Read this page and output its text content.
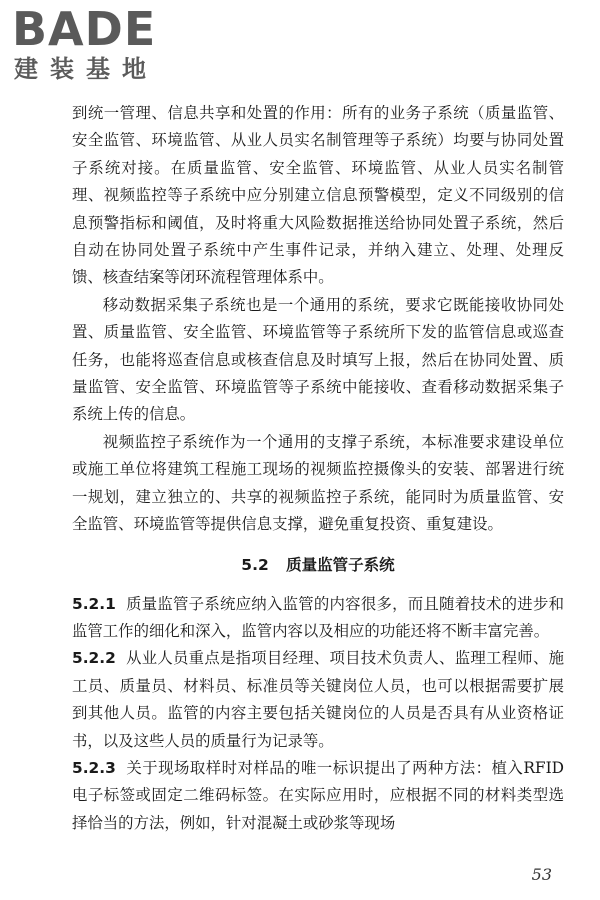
BADE
建装基地

到统一管理、信息共享和处置的作用：所有的业务子系统（质量监管、安全监管、环境监管、从业人员实名制管理等子系统）均要与协同处置子系统对接。在质量监管、安全监管、环境监管、从业人员实名制管理、视频监控等子系统中应分别建立信息预警模型，定义不同级别的信息预警指标和阈值，及时将重大风险数据推送给协同处置子系统，然后自动在协同处置子系统中产生事件记录，并纳入建立、处理、处理反馈、核查结案等闭环流程管理体系中。

移动数据采集子系统也是一个通用的系统，要求它既能接收协同处置、质量监管、安全监管、环境监管等子系统所下发的监管信息或巡查任务，也能将巡查信息或核查信息及时填写上报，然后在协同处置、质量监管、安全监管、环境监管等子系统中能接收、查看移动数据采集子系统上传的信息。

视频监控子系统作为一个通用的支撑子系统，本标准要求建设单位或施工单位将建筑工程施工现场的视频监控摄像头的安装、部署进行统一规划，建立独立的、共享的视频监控子系统，能同时为质量监管、安全监管、环境监管等提供信息支撑，避免重复投资、重复建设。

5.2 质量监管子系统

5.2.1 质量监管子系统应纳入监管的内容很多，而且随着技术的进步和监管工作的细化和深入，监管内容以及相应的功能还将不断丰富完善。

5.2.2 从业人员重点是指项目经理、项目技术负责人、监理工程师、施工员、质量员、材料员、标准员等关键岗位人员，也可以根据需要扩展到其他人员。监管的内容主要包括关键岗位的人员是否具有从业资格证书，以及这些人员的质量行为记录等。

5.2.3 关于现场取样时对样品的唯一标识提出了两种方法：植入RFID电子标签或固定二维码标签。在实际应用时，应根据不同的材料类型选择恰当的方法，例如，针对混凝土或砂浆等现场

53
